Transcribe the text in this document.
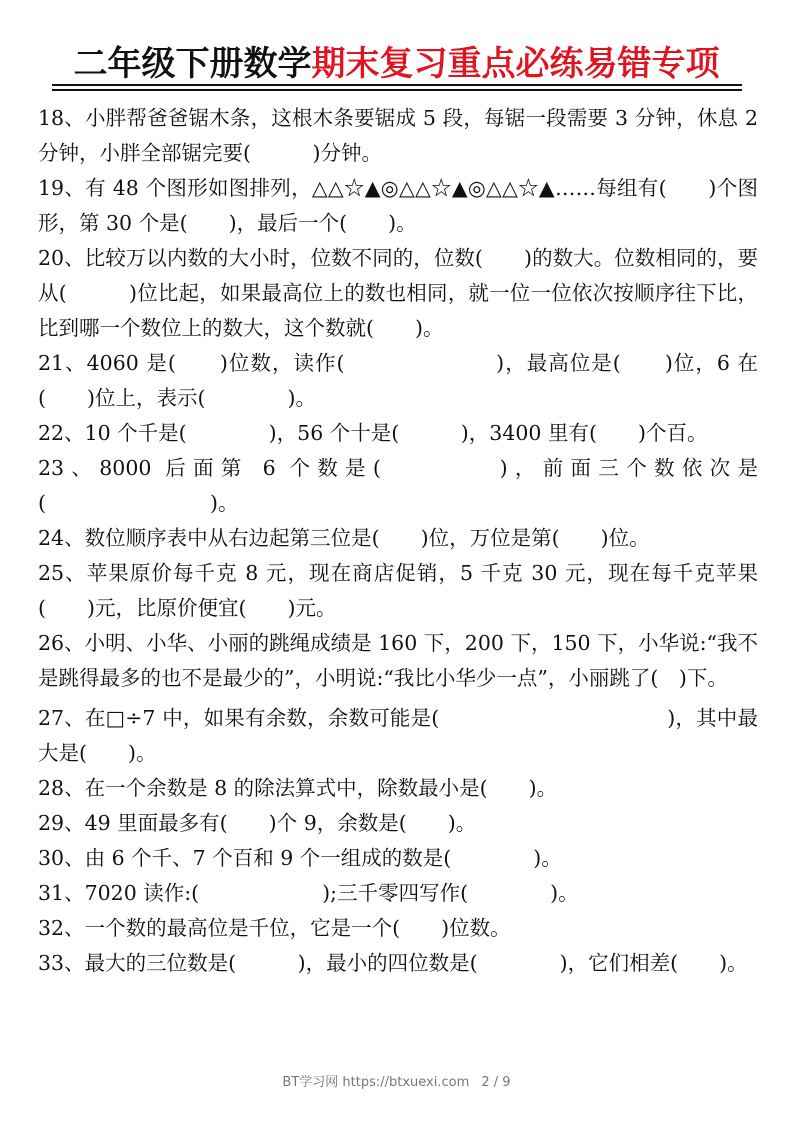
二年级下册数学期末复习重点必练易错专项

18、小胖帮爸爸锯木条，这根木条要锯成 5 段，每锯一段需要 3 分钟，休息 2 分钟，小胖全部锯完要(　　　)分钟。

19、有 48 个图形如图排列，△△☆▲◎△△☆▲◎△△☆▲……每组有(　　)个图形，第 30 个是(　　)，最后一个(　　)。

20、比较万以内数的大小时，位数不同的，位数(　　)的数大。位数相同的，要从(　　　)位比起，如果最高位上的数也相同，就一位一位依次按顺序往下比，比到哪一个数位上的数大，这个数就(　　)。

21、4060 是(　　)位数，读作(　　　　　　　)，最高位是(　　)位，6 在(　　)位上，表示(　　　　)。

22、10 个千是(　　　　)，56 个十是(　　　)，3400 里有(　　)个百。

23、8000 后面第 6 个数是(　　　　)，前面三个数依次是(　　　　　　　　)。

24、数位顺序表中从右边起第三位是(　　)位，万位是第(　　)位。

25、苹果原价每千克 8 元，现在商店促销，5 千克 30 元，现在每千克苹果(　　)元，比原价便宜(　　)元。

26、小明、小华、小丽的跳绳成绩是 160 下，200 下，150 下，小华说:“我不是跳得最多的也不是最少的”，小明说:“我比小华少一点”，小丽跳了(　)下。

27、在□÷7 中，如果有余数，余数可能是(　　　　　　　　　　　)，其中最大是(　　)。

28、在一个余数是 8 的除法算式中，除数最小是(　　)。

29、49 里面最多有(　　)个 9，余数是(　　)。

30、由 6 个千、7 个百和 9 个一组成的数是(　　　　)。

31、7020 读作:(　　　　　　);三千零四写作(　　　　)。

32、一个数的最高位是千位，它是一个(　　)位数。

33、最大的三位数是(　　　)，最小的四位数是(　　　　)，它们相差(　　)。

BT学习网 https://btxuexi.com 2 / 9
